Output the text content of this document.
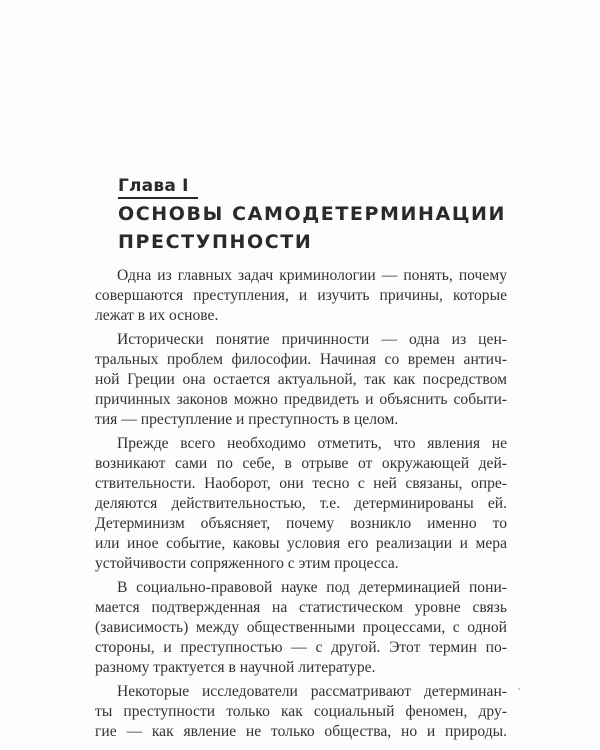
Глава I
ОСНОВЫ САМОДЕТЕРМИНАЦИИ
ПРЕСТУПНОСТИ
Одна из главных задач криминологии — понять, почему
совершаются преступления, и изучить причины, которые
лежат в их основе.
Исторически понятие причинности — одна из цен-
тральных проблем философии. Начиная со времен антич-
ной Греции она остается актуальной, так как посредством
причинных законов можно предвидеть и объяснить событи-
тия — преступление и преступность в целом.
Прежде всего необходимо отметить, что явления не
возникают сами по себе, в отрыве от окружающей дей-
ствительности. Наоборот, они тесно с ней связаны, опре-
деляются действительностью, т.е. детерминированы ей.
Детерминизм объясняет, почему возникло именно то
или иное событие, каковы условия его реализации и мера
устойчивости сопряженного с этим процесса.
В социально-правовой науке под детерминацией пони-
мается подтвержденная на статистическом уровне связь
(зависимость) между общественными процессами, с одной
стороны, и преступностью — с другой. Этот термин по-
разному трактуется в научной литературе.
Некоторые исследователи рассматривают детерминан-
ты преступности только как социальный феномен, дру-
гие — как явление не только общества, но и природы.
